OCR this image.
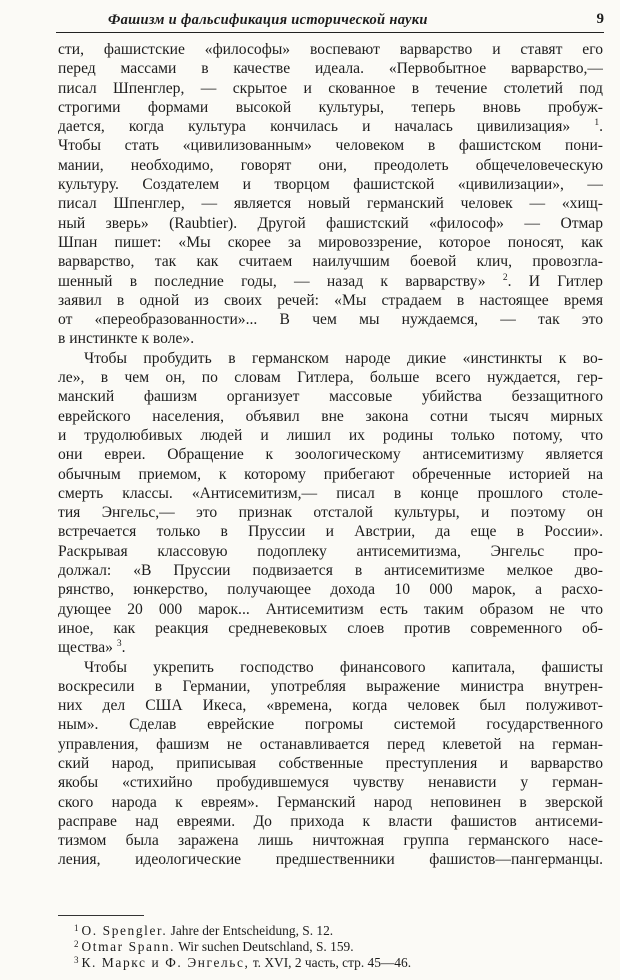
Фашизм и фальсификация исторической науки	9

сти, фашистские «философы» воспевают варварство и ставят его
перед массами в качестве идеала. «Первобытное варварство,—
писал Шпенглер, — скрытое и скованное в течение столетий под
строгими формами высокой культуры, теперь вновь пробуж-
дается, когда культура кончилась и началась цивилизация»	$^1$.
Чтобы стать «цивилизованным» человеком в фашистском пони-
мании, необходимо, говорят они, преодолеть общечеловеческую
культуру. Создателем и творцом фашистской «цивилизации», —
писал Шпенглер, — является новый германский человек — «хищ-
ный зверь» (Raubtier). Другой фашистский «философ» — Отмар
Шпан пишет: «Мы скорее за мировоззрение, которое поносят, как
варварство, так как считаем наилучшим боевой клич, провозгла-
шенный в последние годы, — назад к варварству» $^2$. И Гитлер
заявил в одной из своих речей: «Мы страдаем в настоящее время
от «переобразованности»... В чем мы нуждаемся, — так это
в инстинкте к воле».

Чтобы пробудить в германском народе дикие «инстинкты к во-
ле», в чем он, по словам Гитлера, больше всего нуждается, гер-
манский фашизм организует массовые убийства беззащитного
еврейского населения, объявил вне закона сотни тысяч мирных
и трудолюбивых людей и лишил их родины только потому, что
они евреи. Обращение к зоологическому антисемитизму является
обычным приемом, к которому прибегают обреченные историей на
смерть классы. «Антисемитизм,— писал в конце прошлого столе-
тия Энгельс,— это признак отсталой культуры, и поэтому он
встречается только в Пруссии и Австрии, да еще в России».
Раскрывая классовую подоплеку антисемитизма, Энгельс про-
должал: «В Пруссии подвизается в антисемитизме мелкое дво-
рянство, юнкерство, получающее дохода 10 000 марок, а расхо-
дующее 20 000 марок... Антисемитизм есть таким образом не что
иное, как реакция средневековых слоев против современного об-
щества» $^3$.

Чтобы укрепить господство финансового капитала, фашисты
воскресили в Германии, употребляя выражение министра внутрен-
них дел США Икеса, «времена, когда человек был полуживот-
ным». Сделав еврейские погромы системой государственного
управления, фашизм не останавливается перед клеветой на герман-
ский народ, приписывая собственные преступления и варварство
якобы «стихийно пробудившемуся чувству ненависти у герман-
ского народа к евреям». Германский народ неповинен в зверской
расправе над евреями. До прихода к власти фашистов антисеми-
тизмом была заражена лишь ничтожная группа германского насе-
ления, идеологические предшественники фашистов—пангерманцы.

$^1$ O. Spengler. Jahre der Entscheidung, S. 12.
$^2$ Otmar Spann. Wir suchen Deutschland, S. 159.
$^3$ К. Маркс и Ф. Энгельс, т. XVI, 2 часть, стр. 45—46.
